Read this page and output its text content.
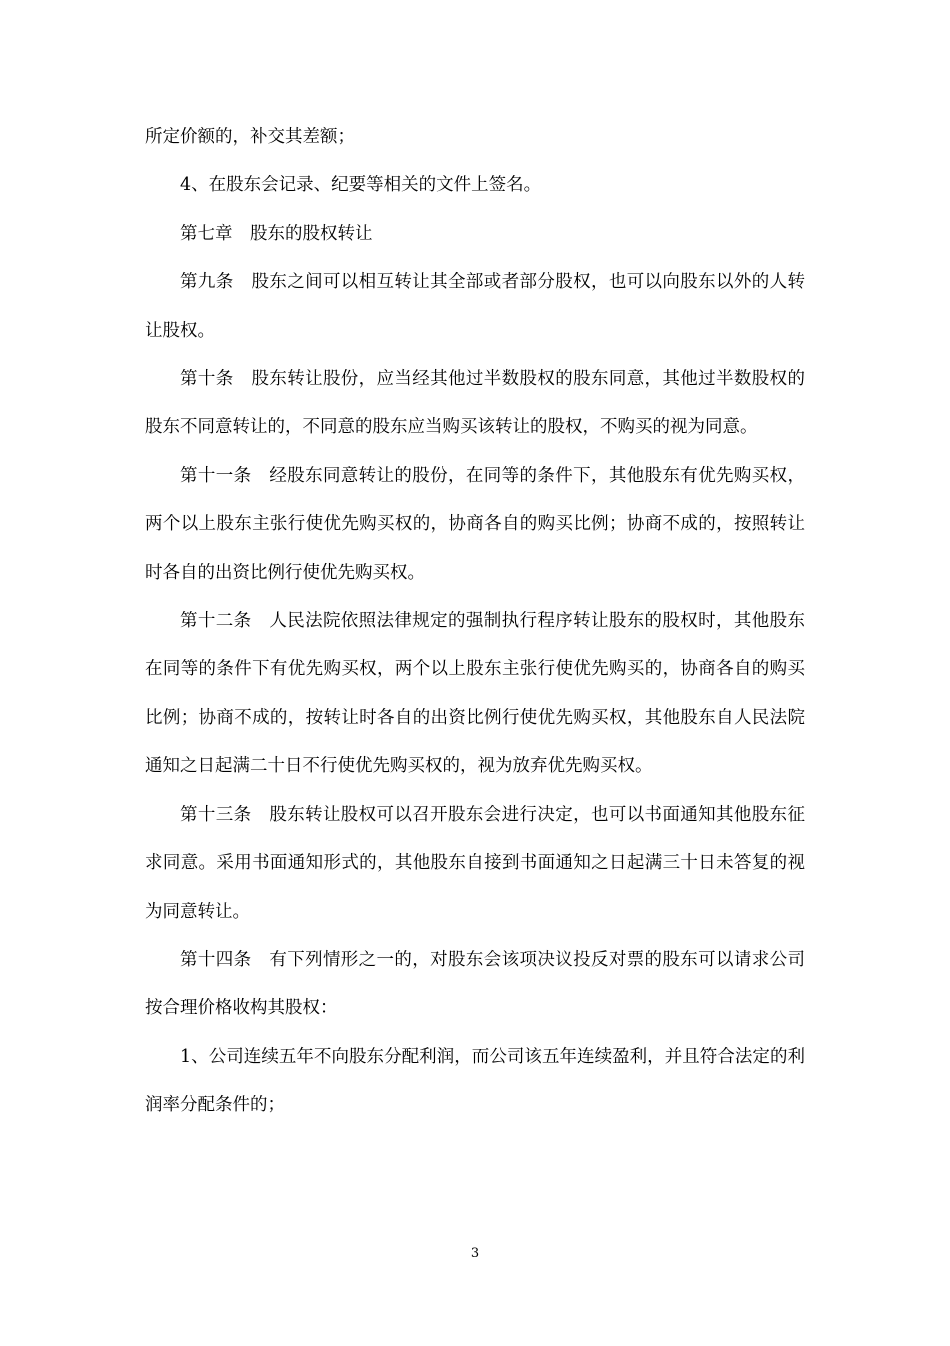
所定价额的，补交其差额；

4、在股东会记录、纪要等相关的文件上签名。

第七章　股东的股权转让

第九条　股东之间可以相互转让其全部或者部分股权，也可以向股东以外的人转让股权。

第十条　股东转让股份，应当经其他过半数股权的股东同意，其他过半数股权的股东不同意转让的，不同意的股东应当购买该转让的股权，不购买的视为同意。

第十一条　经股东同意转让的股份，在同等的条件下，其他股东有优先购买权，两个以上股东主张行使优先购买权的，协商各自的购买比例；协商不成的，按照转让时各自的出资比例行使优先购买权。

第十二条　人民法院依照法律规定的强制执行程序转让股东的股权时，其他股东在同等的条件下有优先购买权，两个以上股东主张行使优先购买的，协商各自的购买比例；协商不成的，按转让时各自的出资比例行使优先购买权，其他股东自人民法院通知之日起满二十日不行使优先购买权的，视为放弃优先购买权。

第十三条　股东转让股权可以召开股东会进行决定，也可以书面通知其他股东征求同意。采用书面通知形式的，其他股东自接到书面通知之日起满三十日未答复的视为同意转让。

第十四条　有下列情形之一的，对股东会该项决议投反对票的股东可以请求公司按合理价格收构其股权：

1、公司连续五年不向股东分配利润，而公司该五年连续盈利，并且符合法定的利润率分配条件的；

3
